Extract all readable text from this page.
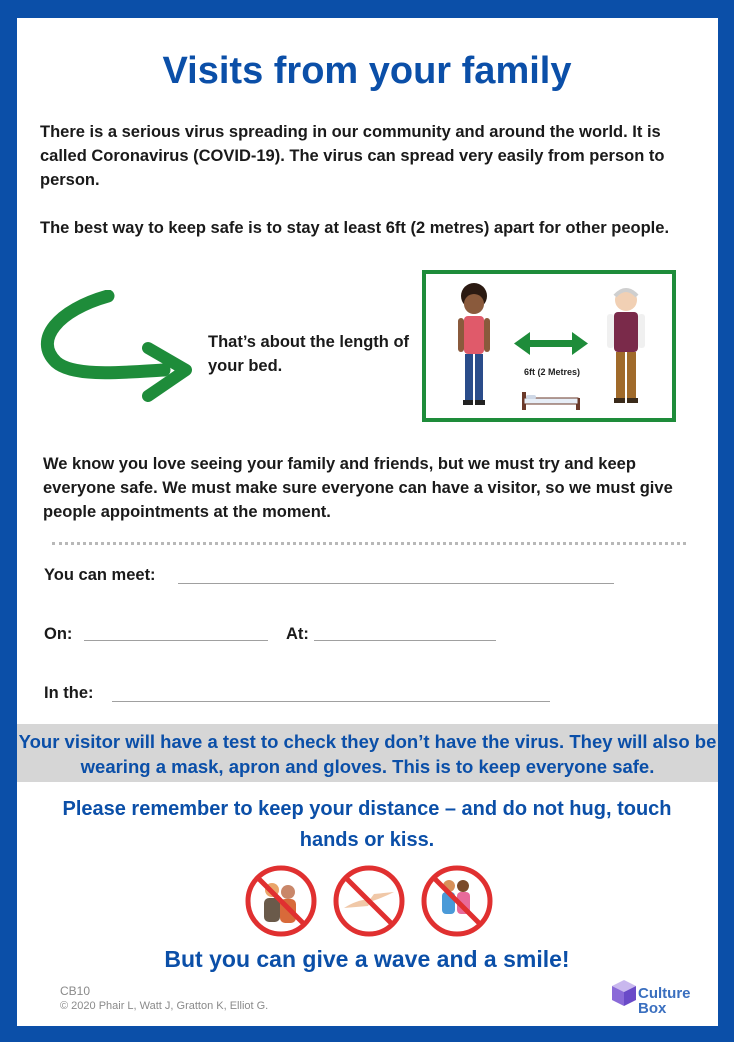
Visits from your family
There is a serious virus spreading in our community and around the world. It is called Coronavirus (COVID-19). The virus can spread very easily from person to person.
The best way to keep safe is to stay at least 6ft (2 metres) apart for other people.
That’s about the length of your bed.	6ft (2 Metres)
We know you love seeing your family and friends, but we must try and keep everyone safe. We must make sure everyone can have a visitor, so we must give people appointments at the moment.
You can meet:
On:	At:
In the:
Your visitor will have a test to check they don’t have the virus. They will also be wearing a mask, apron and gloves. This is to keep everyone safe.
Please remember to keep your distance – and do not hug, touch hands or kiss.
But you can give a wave and a smile!
CB10
© 2020 Phair L, Watt J, Gratton K, Elliot G.
Culture
Box
